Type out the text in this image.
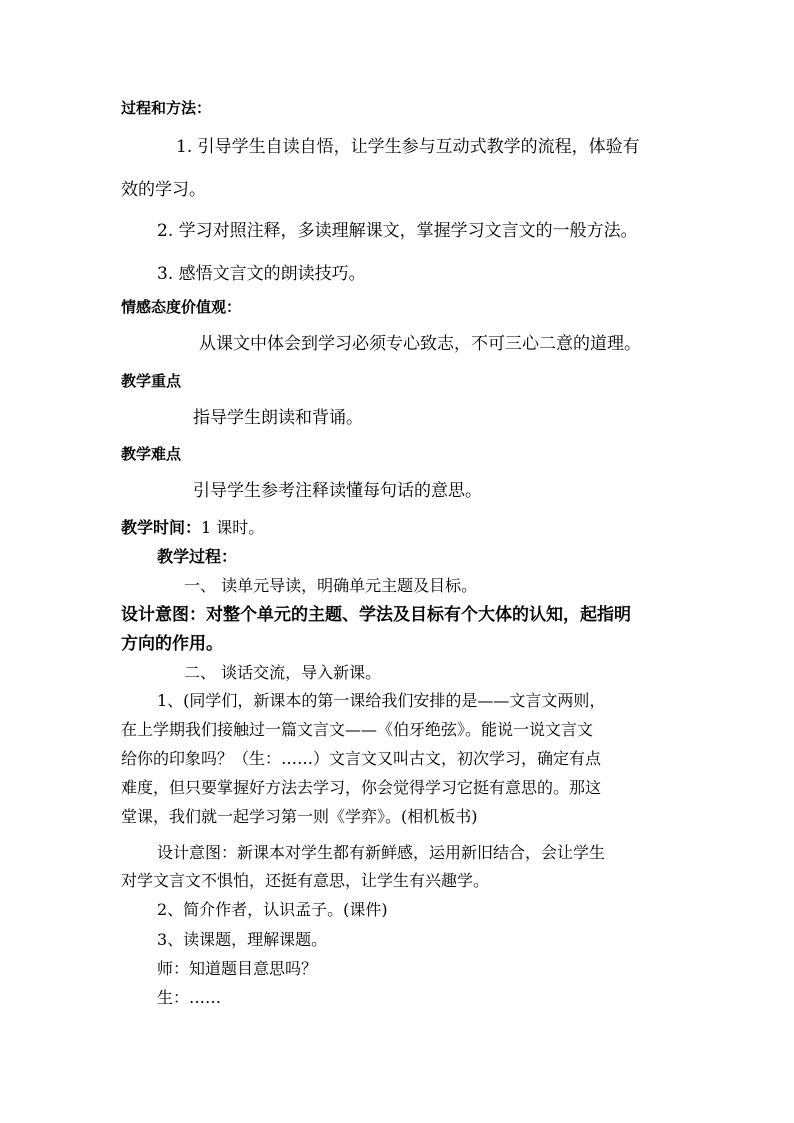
过程和方法：
1. 引导学生自读自悟，让学生参与互动式教学的流程，体验有
效的学习。
2. 学习对照注释，多读理解课文，掌握学习文言文的一般方法。
3. 感悟文言文的朗读技巧。
情感态度价值观：
从课文中体会到学习必须专心致志，不可三心二意的道理。
教学重点
指导学生朗读和背诵。
教学难点
引导学生参考注释读懂每句话的意思。
教学时间：1 课时。
教学过程：
一、 读单元导读，明确单元主题及目标。
设计意图：对整个单元的主题、学法及目标有个大体的认知，起指明
方向的作用。
二、 谈话交流，导入新课。
1、(同学们，新课本的第一课给我们安排的是——文言文两则，
在上学期我们接触过一篇文言文——《伯牙绝弦》。能说一说文言文
给你的印象吗？（生：……）文言文又叫古文，初次学习，确定有点
难度，但只要掌握好方法去学习，你会觉得学习它挺有意思的。那这
堂课，我们就一起学习第一则《学弈》。(相机板书)
设计意图：新课本对学生都有新鲜感，运用新旧结合，会让学生
对学文言文不惧怕，还挺有意思，让学生有兴趣学。
2、简介作者，认识孟子。(课件)
3、读课题，理解课题。
师：知道题目意思吗？
生：……
